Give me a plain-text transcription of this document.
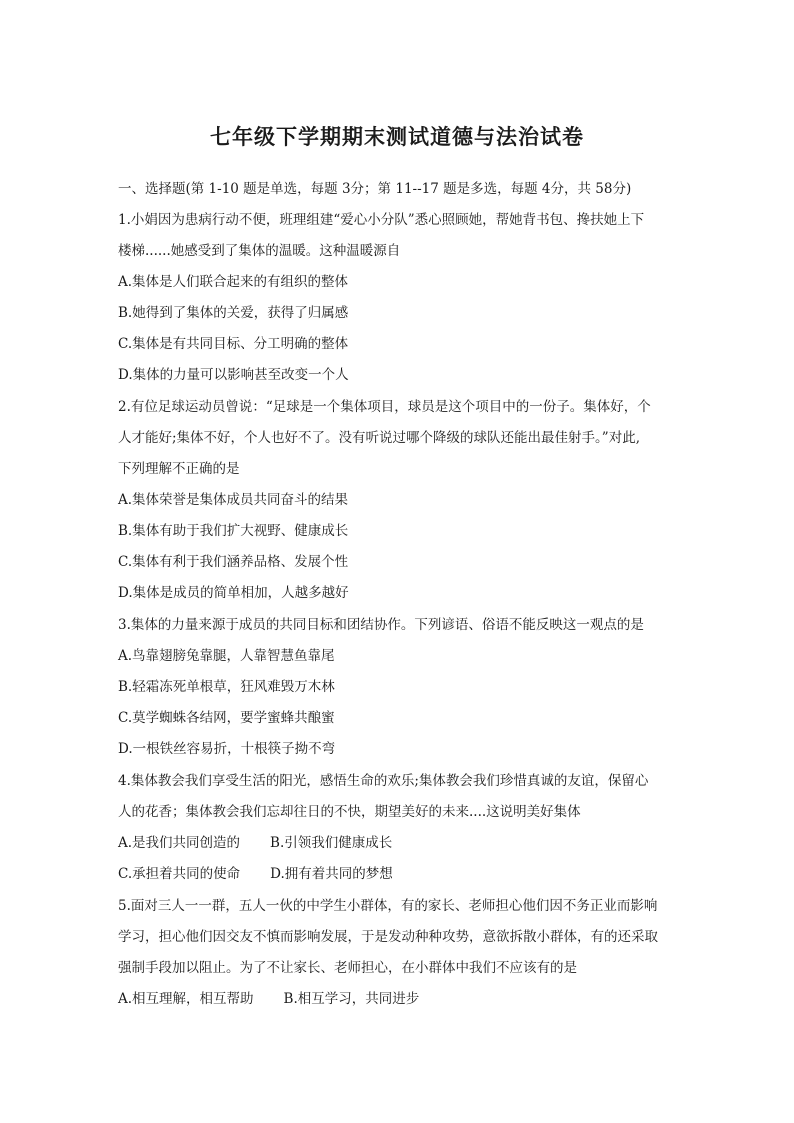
七年级下学期期末测试道德与法治试卷
一、选择题(第 1-10 题是单选，每题 3分；第 11--17 题是多选，每题 4分，共 58分)
1.小娟因为患病行动不便，班理组建“爱心小分队”悉心照顾她，帮她背书包、搀扶她上下
楼梯......她感受到了集体的温暖。这种温暖源自
A.集体是人们联合起来的有组织的整体
B.她得到了集体的关爱，获得了归属感
C.集体是有共同目标、分工明确的整体
D.集体的力量可以影响甚至改变一个人
2.有位足球运动员曾说：“足球是一个集体项目，球员是这个项目中的一份子。集体好，个
人才能好;集体不好，个人也好不了。没有听说过哪个降级的球队还能出最佳射手。”对此,
下列理解不正确的是
A.集体荣誉是集体成员共同奋斗的结果
B.集体有助于我们扩大视野、健康成长
C.集体有利于我们涵养品格、发展个性
D.集体是成员的简单相加，人越多越好
3.集体的力量来源于成员的共同目标和团结协作。下列谚语、俗语不能反映这一观点的是
A.鸟靠翅膀兔靠腿，人靠智慧鱼靠尾
B.轻霜冻死单根草，狂风难毁万木林
C.莫学蜘蛛各结网，要学蜜蜂共酿蜜
D.一根铁丝容易折，十根筷子拗不弯
4.集体教会我们享受生活的阳光，感悟生命的欢乐;集体教会我们珍惜真诚的友谊，保留心
人的花香；集体教会我们忘却往日的不快，期望美好的未来....这说明美好集体
A.是我们共同创造的 B.引领我们健康成长
C.承担着共同的使命 D.拥有着共同的梦想
5.面对三人一一群，五人一伙的中学生小群体，有的家长、老师担心他们因不务正业而影响
学习，担心他们因交友不慎而影响发展，于是发动种种攻势，意欲拆散小群体，有的还采取
强制手段加以阻止。为了不让家长、老师担心，在小群体中我们不应该有的是
A.相互理解，相互帮助 B.相互学习，共同进步
